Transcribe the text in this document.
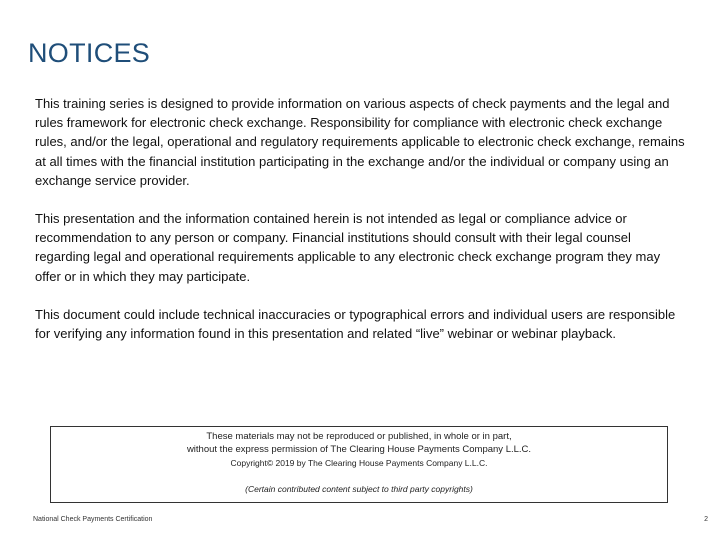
NOTICES

This training series is designed to provide information on various aspects of check payments and the legal and rules framework for electronic check exchange. Responsibility for compliance with electronic check exchange rules, and/or the legal, operational and regulatory requirements applicable to electronic check exchange, remains at all times with the financial institution participating in the exchange and/or the individual or company using an exchange service provider.

This presentation and the information contained herein is not intended as legal or compliance advice or recommendation to any person or company. Financial institutions should consult with their legal counsel regarding legal and operational requirements applicable to any electronic check exchange program they may offer or in which they may participate.

This document could include technical inaccuracies or typographical errors and individual users are responsible for verifying any information found in this presentation and related “live” webinar or webinar playback.

These materials may not be reproduced or published, in whole or in part,
without the express permission of The Clearing House Payments Company L.L.C.
Copyright© 2019 by The Clearing House Payments Company L.L.C.
(Certain contributed content subject to third party copyrights)
National Check Payments Certification	2
